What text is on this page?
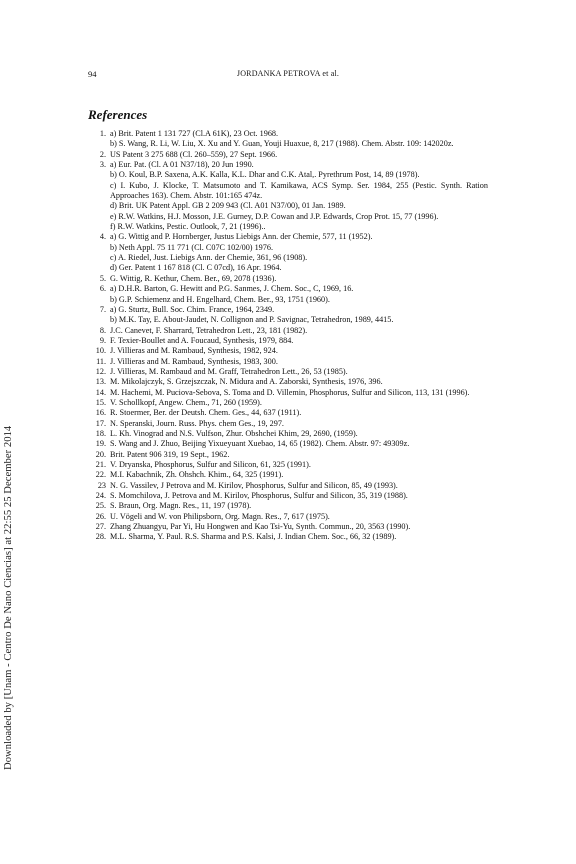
Downloaded by [Unam - Centro De Nano Ciencias] at 22:55 25 December 2014
94	JORDANKA PETROVA et al.
References
1. a) Brit. Patent 1 131 727 (Cl.A 61K), 23 Oct. 1968.
b) S. Wang, R. Li, W. Liu, X. Xu and Y. Guan, Youji Huaxue, 8, 217 (1988). Chem. Abstr. 109: 142020z.
2. US Patent 3 275 688 (Cl. 260–559), 27 Sept. 1966.
3. a) Eur. Pat. (Cl. A 01 N37/18), 20 Jun 1990.
b) O. Koul, B.P. Saxena, A.K. Kalla, K.L. Dhar and C.K. Atal,. Pyrethrum Post, 14, 89 (1978).
c) I. Kubo, J. Klocke, T. Matsumoto and T. Kamikawa, ACS Symp. Ser. 1984, 255 (Pestic. Synth. Ration Approaches 163). Chem. Abstr. 101:165 474z.
d) Brit. UK Patent Appl. GB 2 209 943 (Cl. A01 N37/00), 01 Jan. 1989.
e) R.W. Watkins, H.J. Mosson, J.E. Gurney, D.P. Cowan and J.P. Edwards, Crop Prot. 15, 77 (1996).
f) R.W. Watkins, Pestic. Outlook, 7, 21 (1996)..
4. a) G. Wittig and P. Hornberger, Justus Liebigs Ann. der Chemie, 577, 11 (1952).
b) Neth Appl. 75 11 771 (Cl. C07C 102/00) 1976.
c) A. Riedel, Just. Liebigs Ann. der Chemie, 361, 96 (1908).
d) Ger. Patent 1 167 818 (Cl. C 07cd), 16 Apr. 1964.
5. G. Wittig, R. Kethur, Chem. Ber., 69, 2078 (1936).
6. a) D.H.R. Barton, G. Hewitt and P.G. Sanmes, J. Chem. Soc., C, 1969, 16.
b) G.P. Schiemenz and H. Engelhard, Chem. Ber., 93, 1751 (1960).
7. a) G. Sturtz, Bull. Soc. Chim. France, 1964, 2349.
b) M.K. Tay, E. About-Jaudet, N. Collignon and P. Savignac, Tetrahedron, 1989, 4415.
8. J.C. Canevet, F. Sharrard, Tetrahedron Lett., 23, 181 (1982).
9. F. Texier-Boullet and A. Foucaud, Synthesis, 1979, 884.
10. J. Villieras and M. Rambaud, Synthesis, 1982, 924.
11. J. Villieras and M. Rambaud, Synthesis, 1983, 300.
12. J. Villieras, M. Rambaud and M. Graff, Tetrahedron Lett., 26, 53 (1985).
13. M. Mikolajczyk, S. Grzejszczak, N. Midura and A. Zaborski, Synthesis, 1976, 396.
14. M. Hachemi, M. Puciova-Sebova, S. Toma and D. Villemin, Phosphorus, Sulfur and Silicon, 113, 131 (1996).
15. V. Schollkopf, Angew. Chem., 71, 260 (1959).
16. R. Stoermer, Ber. der Deutsh. Chem. Ges., 44, 637 (1911).
17. N. Speranski, Journ. Russ. Phys. chem Ges., 19, 297.
18. L. Kh. Vinograd and N.S. Vulfson, Zhur. Obshchei Khim, 29, 2690, (1959).
19. S. Wang and J. Zhuo, Beijing Yixueyuant Xuebao, 14, 65 (1982). Chem. Abstr. 97: 49309z.
20. Brit. Patent 906 319, 19 Sept., 1962.
21. V. Dryanska, Phosphorus, Sulfur and Silicon, 61, 325 (1991).
22. M.I. Kabachnik, Zh. Ohshch. Khim., 64, 325 (1991).
23 N. G. Vassilev, J Petrova and M. Kirilov, Phosphorus, Sulfur and Silicon, 85, 49 (1993).
24. S. Momchilova, J. Petrova and M. Kirilov, Phosphorus, Sulfur and Silicon, 35, 319 (1988).
25. S. Braun, Org. Magn. Res., 11, 197 (1978).
26. U. Vögeli and W. von Philipsborn, Org. Magn. Res., 7, 617 (1975).
27. Zhang Zhuangyu, Par Yi, Hu Hongwen and Kao Tsi-Yu, Synth. Commun., 20, 3563 (1990).
28. M.L. Sharma, Y. Paul. R.S. Sharma and P.S. Kalsi, J. Indian Chem. Soc., 66, 32 (1989).
